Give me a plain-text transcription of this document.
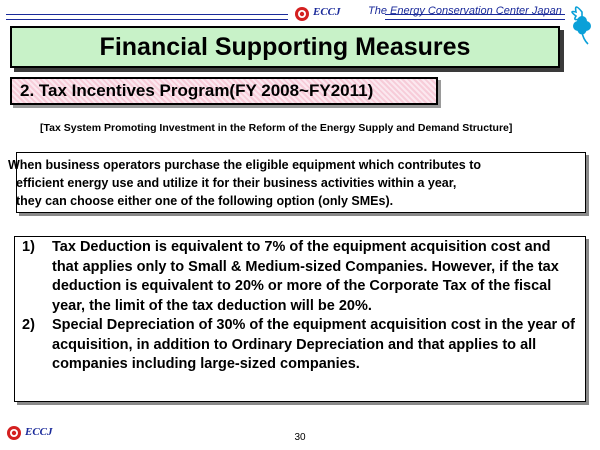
ECCJ The Energy Conservation Center Japan
Financial Supporting Measures
2. Tax Incentives Program(FY 2008~FY2011)
[Tax System Promoting Investment in the Reform of the Energy Supply and Demand Structure]
When business operators purchase the eligible equipment which contributes to
efficient energy use and utilize it for their business activities within a year,
they can choose either one of the following option (only SMEs).
1)	Tax Deduction is equivalent to 7% of the equipment acquisition cost and that applies only to Small & Medium-sized Companies. However, if the tax deduction is equivalent to 20% or more of the Corporate Tax of the fiscal year, the limit of the tax deduction will be 20%.
2)	Special Depreciation of 30% of the equipment acquisition cost in the year of acquisition, in addition to Ordinary Depreciation and that applies to all companies including large-sized companies.
ECCJ	30
